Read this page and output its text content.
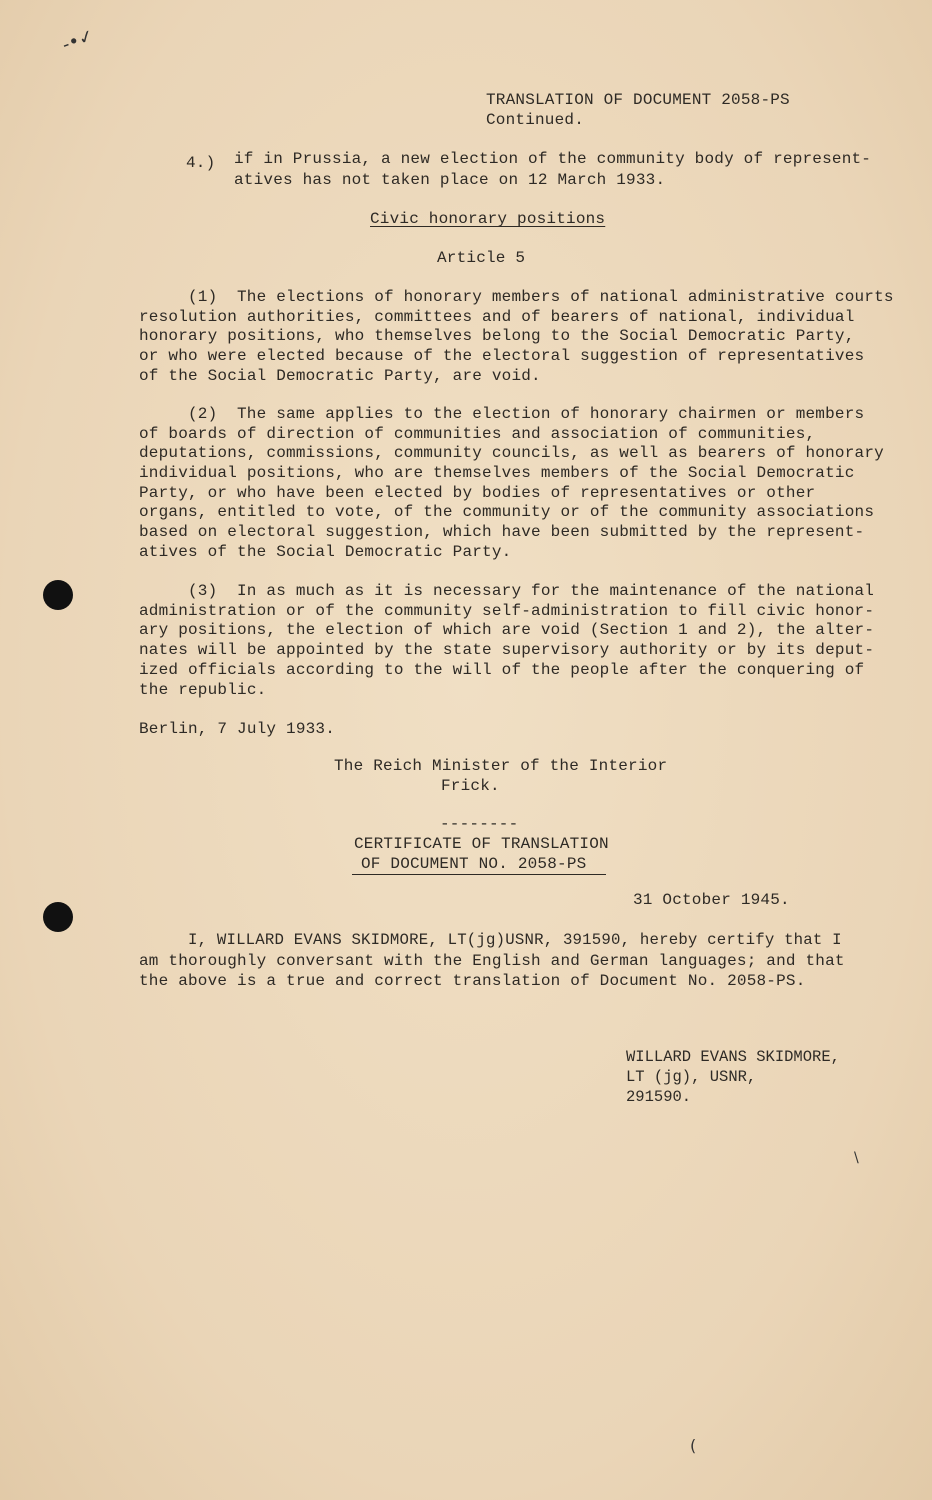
-•✓
TRANSLATION OF DOCUMENT 2058-PS
Continued.
4.) if in Prussia, a new election of the community body of represent-
atives has not taken place on 12 March 1933.
Civic honorary positions
Article 5
(1)  The elections of honorary members of national administrative courts
resolution authorities, committees and of bearers of national, individual
honorary positions, who themselves belong to the Social Democratic Party,
or who were elected because of the electoral suggestion of representatives
of the Social Democratic Party, are void.
(2)  The same applies to the election of honorary chairmen or members
of boards of direction of communities and association of communities,
deputations, commissions, community councils, as well as bearers of honorary
individual positions, who are themselves members of the Social Democratic
Party, or who have been elected by bodies of representatives or other
organs, entitled to vote, of the community or of the community associations
based on electoral suggestion, which have been submitted by the represent-
atives of the Social Democratic Party.
(3)  In as much as it is necessary for the maintenance of the national
administration or of the community self-administration to fill civic honor-
ary positions, the election of which are void (Section 1 and 2), the alter-
nates will be appointed by the state supervisory authority or by its deput-
ized officials according to the will of the people after the conquering of
the republic.
Berlin, 7 July 1933.
The Reich Minister of the Interior
Frick.
--------
CERTIFICATE OF TRANSLATION
OF DOCUMENT NO. 2058-PS
31 October 1945.
I, WILLARD EVANS SKIDMORE, LT(jg)USNR, 391590, hereby certify that I
am thoroughly conversant with the English and German languages; and that
the above is a true and correct translation of Document No. 2058-PS.
WILLARD EVANS SKIDMORE,
LT (jg), USNR,
291590.
\
(
